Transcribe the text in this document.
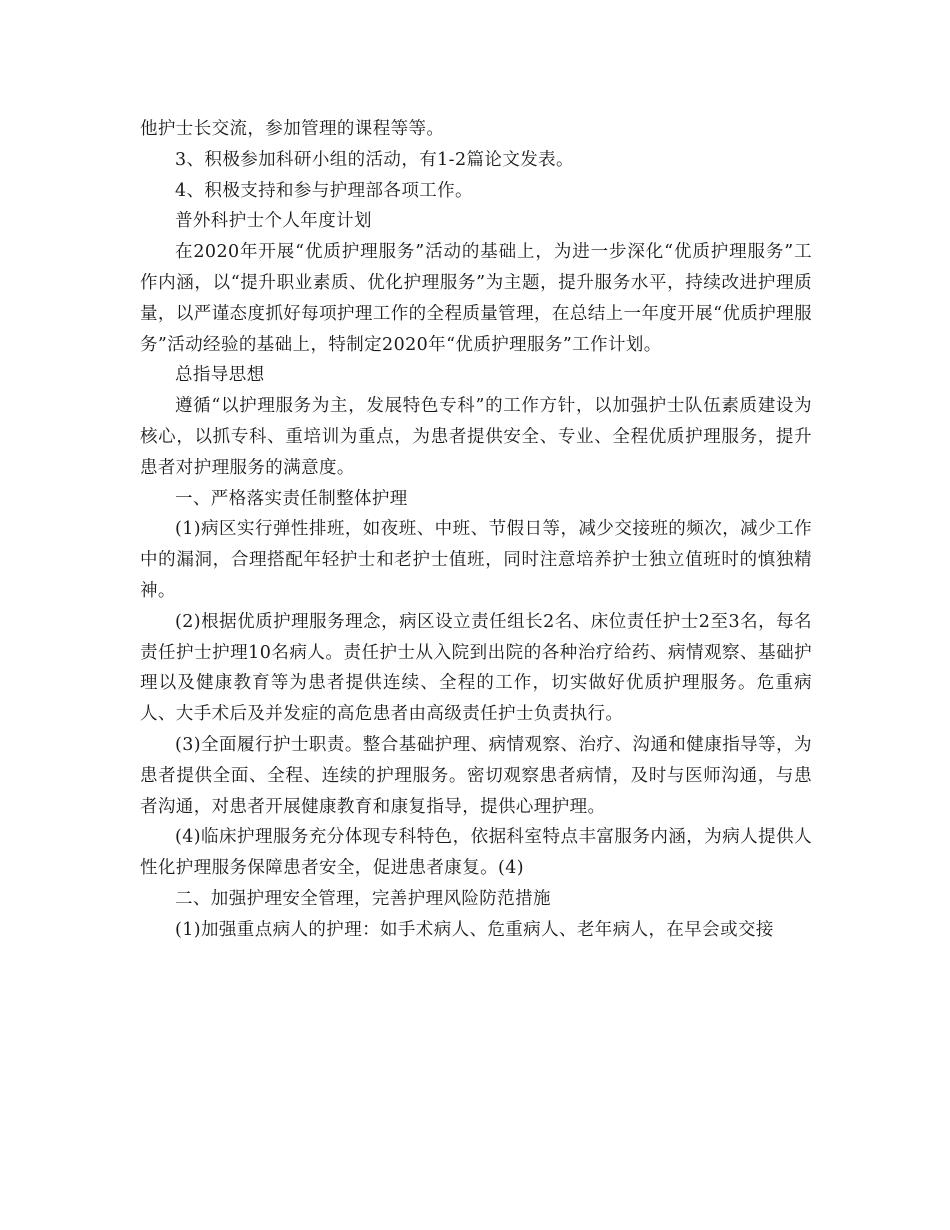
他护士长交流，参加管理的课程等等。

3、积极参加科研小组的活动，有1-2篇论文发表。

4、积极支持和参与护理部各项工作。

普外科护士个人年度计划

在2020年开展“优质护理服务”活动的基础上，为进一步深化“优质护理服务”工作内涵，以“提升职业素质、优化护理服务”为主题，提升服务水平，持续改进护理质量，以严谨态度抓好每项护理工作的全程质量管理，在总结上一年度开展“优质护理服务”活动经验的基础上，特制定2020年“优质护理服务”工作计划。

总指导思想

遵循“以护理服务为主，发展特色专科”的工作方针，以加强护士队伍素质建设为核心，以抓专科、重培训为重点，为患者提供安全、专业、全程优质护理服务，提升患者对护理服务的满意度。

一、严格落实责任制整体护理

(1)病区实行弹性排班，如夜班、中班、节假日等，减少交接班的频次，减少工作中的漏洞，合理搭配年轻护士和老护士值班，同时注意培养护士独立值班时的慎独精神。

(2)根据优质护理服务理念，病区设立责任组长2名、床位责任护士2至3名，每名责任护士护理10名病人。责任护士从入院到出院的各种治疗给药、病情观察、基础护理以及健康教育等为患者提供连续、全程的工作，切实做好优质护理服务。危重病人、大手术后及并发症的高危患者由高级责任护士负责执行。

(3)全面履行护士职责。整合基础护理、病情观察、治疗、沟通和健康指导等，为患者提供全面、全程、连续的护理服务。密切观察患者病情，及时与医师沟通，与患者沟通，对患者开展健康教育和康复指导，提供心理护理。

(4)临床护理服务充分体现专科特色，依据科室特点丰富服务内涵，为病人提供人性化护理服务保障患者安全，促进患者康复。(4)

二、加强护理安全管理，完善护理风险防范措施

(1)加强重点病人的护理：如手术病人、危重病人、老年病人，在早会或交接
